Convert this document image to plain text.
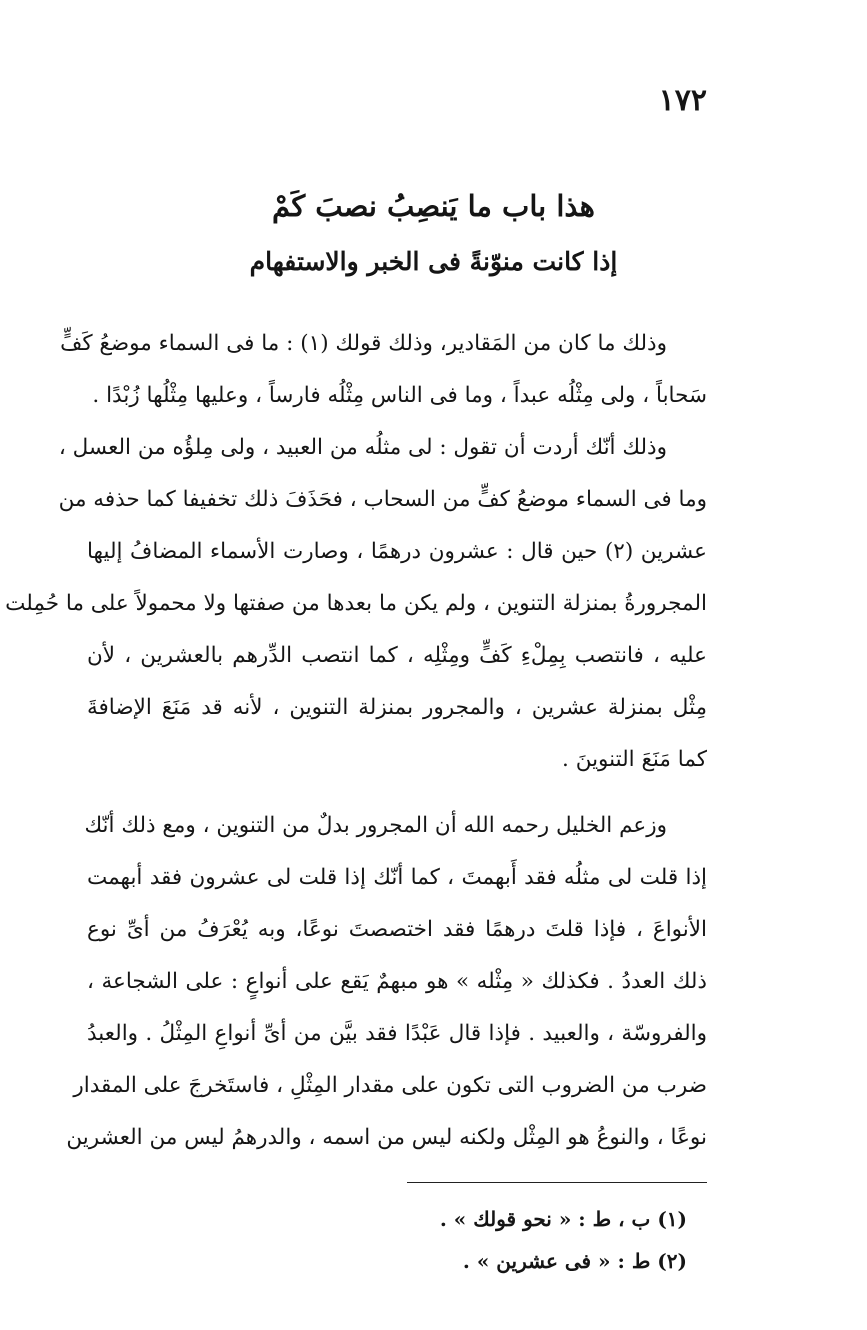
١٧٢

هذا باب ما يَنصِبُ نصبَ كَمْ
إذا كانت منوّنةً فى الخبر والاستفهام

وذلك ما كان من المَقادير، وذلك قولك (١) : ما فى السماء موضعُ كَفٍّ
سَحاباً ، ولى مِثْلُه عبداً ، وما فى الناس مِثْلُه فارساً ، وعليها مِثْلُها زُبْدًا .

وذلك أنّك أردت أن تقول : لى مثلُه من العبيد ، ولى مِلؤُه من العسل ،
وما فى السماء موضعُ كفٍّ من السحاب ، فحَذَفَ ذلك تخفيفا كما حذفه من
عشرين (٢) حين قال : عشرون درهمًا ، وصارت الأسماء المضافُ إليها
المجرورةُ بمنزلة التنوين ، ولم يكن ما بعدها من صفتها ولا محمولاً على ما حُمِلت
عليه ، فانتصب بِمِلْءِ كَفٍّ ومِثْلِه ، كما انتصب الدِّرهم بالعشرين ، لأن
مِثْل بمنزلة عشرين ، والمجرور بمنزلة التنوين ، لأنه قد مَنَعَ الإضافةَ
كما مَنَعَ التنوينَ .

وزعم الخليل رحمه الله أن المجرور بدلٌ من التنوين ، ومع ذلك أنّك
إذا قلت لى مثلُه فقد أَبهمتَ ، كما أنّك إذا قلت لى عشرون فقد أبهمت
الأنواعَ ، فإذا قلتَ درهمًا فقد اختصصتَ نوعًا، وبه يُعْرَفُ من أىِّ نوع
ذلك العددُ . فكذلك « مِثْله » هو مبهمٌ يَقع على أنواعٍ : على الشجاعة ،
والفروسّة ، والعبيد . فإذا قال عَبْدًا فقد بيَّن من أىِّ أنواعِ المِثْلُ . والعبدُ
ضرب من الضروب التى تكون على مقدار المِثْلِ ، فاستَخرجَ على المقدار
نوعًا ، والنوعُ هو المِثْل ولكنه ليس من اسمه ، والدرهمُ ليس من العشرين

(١) ب ، ط : « نحو قولك » .
(٢) ط : « فى عشرين » .
